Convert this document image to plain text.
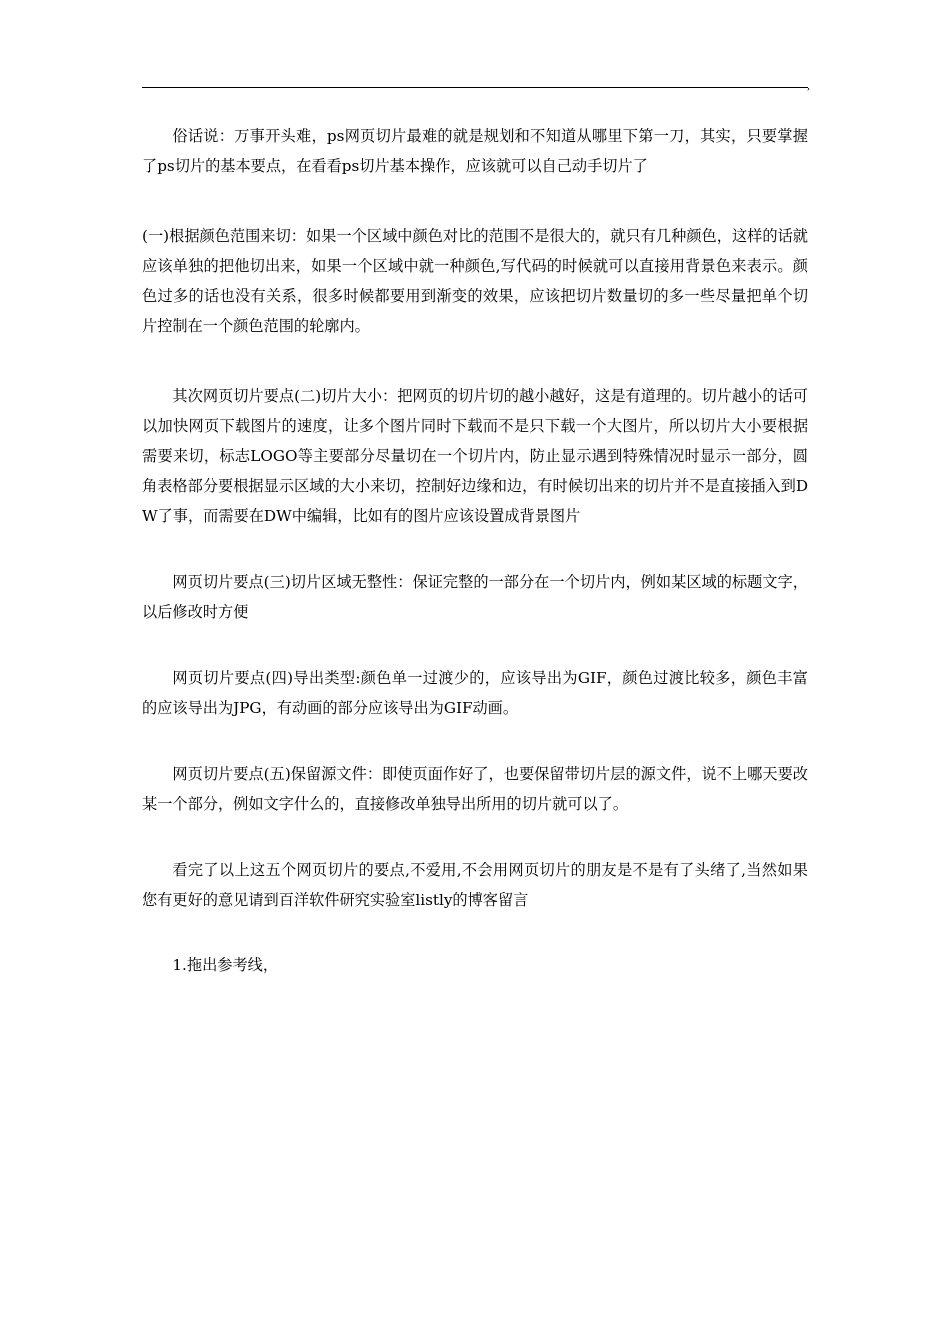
,

俗话说：万事开头难，ps网页切片最难的就是规划和不知道从哪里下第一刀，其实，只要掌握了ps切片的基本要点，在看看ps切片基本操作，应该就可以自己动手切片了

(一)根据颜色范围来切：如果一个区域中颜色对比的范围不是很大的，就只有几种颜色，这样的话就应该单独的把他切出来，如果一个区域中就一种颜色,写代码的时候就可以直接用背景色来表示。颜色过多的话也没有关系，很多时候都要用到渐变的效果，应该把切片数量切的多一些尽量把单个切片控制在一个颜色范围的轮廓内。

其次网页切片要点(二)切片大小：把网页的切片切的越小越好，这是有道理的。切片越小的话可以加快网页下载图片的速度，让多个图片同时下载而不是只下载一个大图片，所以切片大小要根据需要来切，标志LOGO等主要部分尽量切在一个切片内，防止显示遇到特殊情况时显示一部分，圆角表格部分要根据显示区域的大小来切，控制好边缘和边，有时候切出来的切片并不是直接插入到DW了事，而需要在DW中编辑，比如有的图片应该设置成背景图片

网页切片要点(三)切片区域无整性：保证完整的一部分在一个切片内，例如某区域的标题文字，以后修改时方便

网页切片要点(四)导出类型:颜色单一过渡少的，应该导出为GIF，颜色过渡比较多，颜色丰富的应该导出为JPG，有动画的部分应该导出为GIF动画。

网页切片要点(五)保留源文件：即使页面作好了，也要保留带切片层的源文件，说不上哪天要改某一个部分，例如文字什么的，直接修改单独导出所用的切片就可以了。

看完了以上这五个网页切片的要点,不爱用,不会用网页切片的朋友是不是有了头绪了,当然如果您有更好的意见请到百洋软件研究实验室listly的博客留言

1.拖出参考线，
